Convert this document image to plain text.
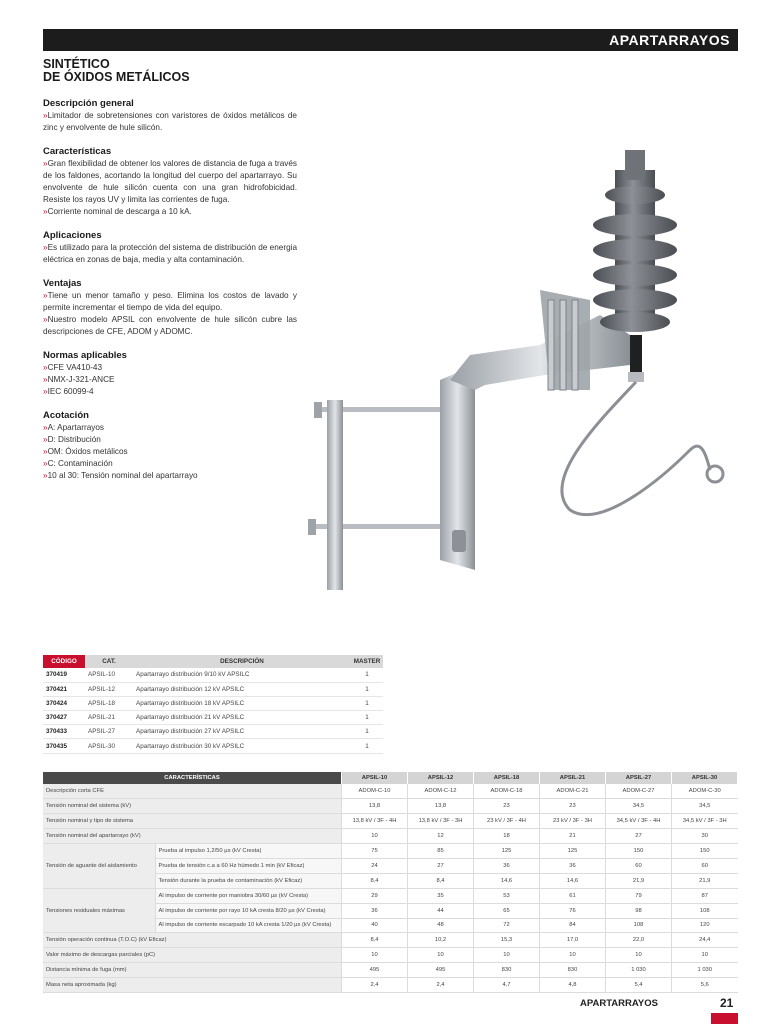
APARTARRAYOS
SINTÉTICO
DE ÓXIDOS METÁLICOS
Descripción general

»Limitador de sobretensiones con varistores de óxidos metálicos de zinc y envolvente de hule silicón.

Características

»Gran flexibilidad de obtener los valores de distancia de fuga a través de los faldones, acortando la longitud del cuerpo del apartarrayo. Su envolvente de hule silicón cuenta con una gran hidrofobicidad. Resiste los rayos UV y limita las corrientes de fuga.

»Corriente nominal de descarga a 10 kA.

Aplicaciones

»Es utilizado para la protección del sistema de distribución de energia eléctrica en zonas de baja, media y alta contaminación.

Ventajas

»Tiene un menor tamaño y peso. Elimina los costos de lavado y permite incrementar el tiempo de vida del equipo.

»Nuestro modelo APSIL con envolvente de hule silicón cubre las descripciones de CFE, ADOM y ADOMC.

Normas aplicables

»CFE VA410-43

»NMX-J-321-ANCE

»IEC 60099-4

Acotación

»A: Apartarrayos

»D: Distribución

»OM: Óxidos metálicos

»C: Contaminación

»10 al 30: Tensión nominal del apartarrayo

CÓDIGO	CAT.	DESCRIPCIÓN	MASTER
370419	APSIL-10	Apartarrayo distribución 9/10 kV APSILC	1
370421	APSIL-12	Apartarrayo distribución 12 kV APSILC	1
370424	APSIL-18	Apartarrayo distribución 18 kV APSILC	1
370427	APSIL-21	Apartarrayo distribución 21 kV APSILC	1
370433	APSIL-27	Apartarrayo distribución 27 kV APSILC	1
370435	APSIL-30	Apartarrayo distribución 30 kV APSILC	1
CARACTERÍSTICAS		APSIL-10	APSIL-12	APSIL-18	APSIL-21	APSIL-27	APSIL-30
Descripción corta CFE		ADOM-C-10	ADOM-C-12	ADOM-C-18	ADOM-C-21	ADOM-C-27	ADOM-C-30
Tensión nominal del sistema (kV)		13,8	13,8	23	23	34,5	34,5
Tensión nominal y tipo de sistema		13,8 kV / 3F - 4H	13,8 kV / 3F - 3H	23 kV / 3F - 4H	23 kV / 3F - 3H	34,5 kV / 3F - 4H	34,5 kV / 3F - 3H
Tensión nominal del apartarrayo (kV)		10	12	18	21	27	30
Tensión de aguante del aislamiento	Prueba al impulso 1,2/50 µs (kV Cresta)	75	85	125	125	150	150
	Prueba de tensión c.a a 60 Hz húmedo 1 min (kV Eficaz)	24	27	36	36	60	60
	Tensión durante la prueba de contaminación (kV Eficaz)	8,4	8,4	14,6	14,6	21,9	21,9
Tensiones residuales máximas	Al impulso de corriente por maniobra 30/60 µs (kV Cresta)	29	35	53	61	79	87
	Al impulso de corriente por rayo 10 kA cresta 8/20 µs (kV Cresta)	36	44	65	76	98	108
	Al impulso de corriente escarpado 10 kA cresta 1/20 µs (kV Cresta)	40	48	72	84	108	120
Tensión operación continua (T.O.C) (kV Eficaz)		8,4	10,2	15,3	17,0	22,0	24,4
Valor máximo de descargas parciales (pC)		10	10	10	10	10	10
Distancia mínima de fuga (mm)		495	495	830	830	1 030	1 030
Masa neta aproximada (kg)		2,4	2,4	4,7	4,8	5,4	5,6
APARTARRAYOS	21
